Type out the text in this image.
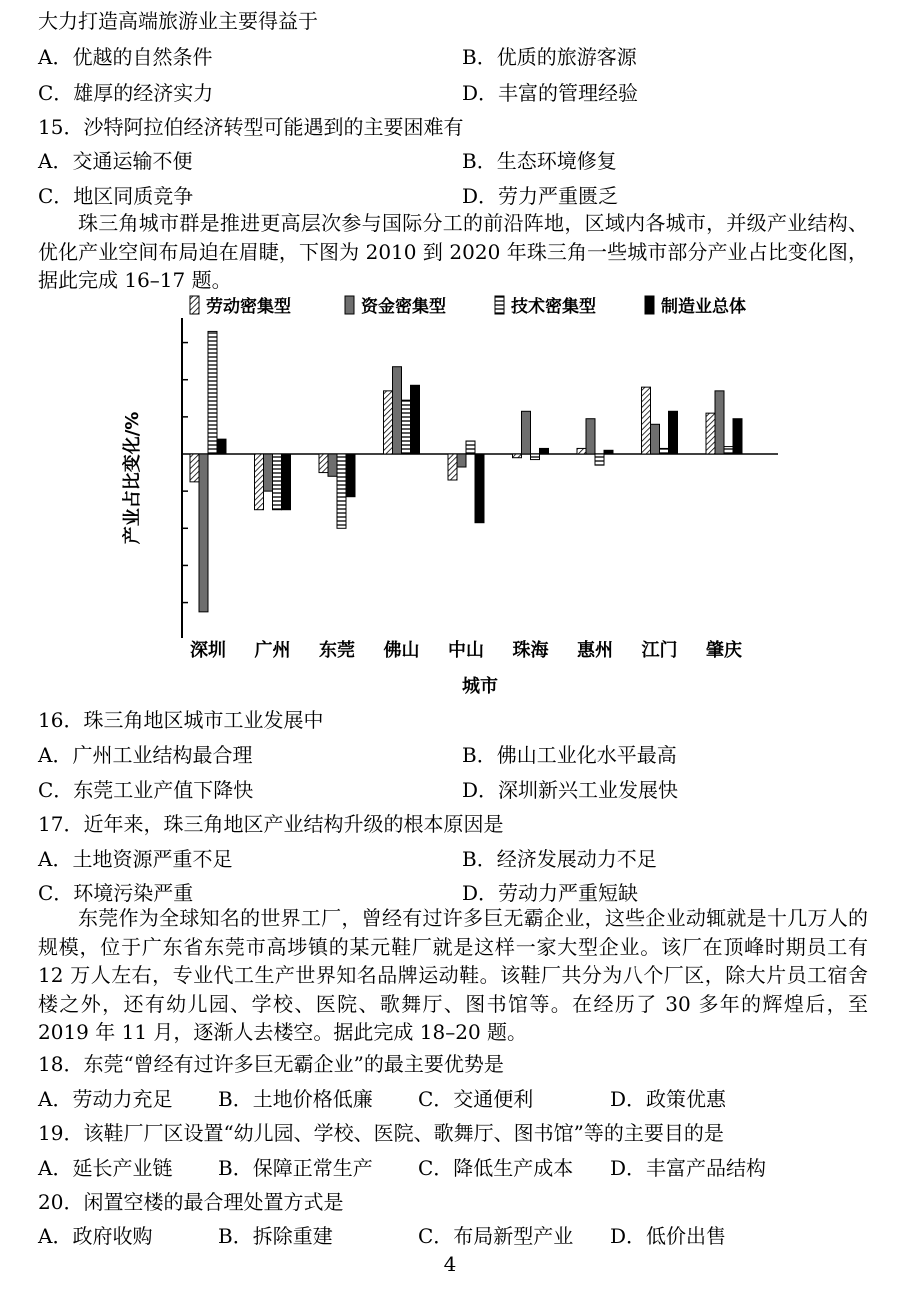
大力打造高端旅游业主要得益于
A．优越的自然条件	B．优质的旅游客源
C．雄厚的经济实力	D．丰富的管理经验
15．沙特阿拉伯经济转型可能遇到的主要困难有
A．交通运输不便	B．生态环境修复
C．地区同质竞争	D．劳力严重匮乏
珠三角城市群是推进更高层次参与国际分工的前沿阵地，区域内各城市，并级产业结构、优化产业空间布局迫在眉睫，下图为 2010 到 2020 年珠三角一些城市部分产业占比变化图，据此完成 16–17 题。
产业占比变化/%
劳动密集型	资金密集型	技术密集型	制造业总体
深圳 广州 东莞 佛山 中山 珠海 惠州 江门 肇庆
城市
16．珠三角地区城市工业发展中
A．广州工业结构最合理	B．佛山工业化水平最高
C．东莞工业产值下降快	D．深圳新兴工业发展快
17．近年来，珠三角地区产业结构升级的根本原因是
A．土地资源严重不足	B．经济发展动力不足
C．环境污染严重	D．劳动力严重短缺
东莞作为全球知名的世界工厂，曾经有过许多巨无霸企业，这些企业动辄就是十几万人的规模，位于广东省东莞市高埗镇的某元鞋厂就是这样一家大型企业。该厂在顶峰时期员工有 12 万人左右，专业代工生产世界知名品牌运动鞋。该鞋厂共分为八个厂区，除大片员工宿舍楼之外，还有幼儿园、学校、医院、歌舞厅、图书馆等。在经历了 30 多年的辉煌后，至 2019 年 11 月，逐渐人去楼空。据此完成 18–20 题。
18．东莞“曾经有过许多巨无霸企业”的最主要优势是
A．劳动力充足 B．土地价格低廉 C．交通便利	D．政策优惠
19．该鞋厂厂区设置“幼儿园、学校、医院、歌舞厅、图书馆”等的主要目的是
A．延长产业链 B．保障正常生产 C．降低生产成本 D．丰富产品结构
20．闲置空楼的最合理处置方式是
A．政府收购	B．拆除重建	C．布局新型产业 D．低价出售
4
